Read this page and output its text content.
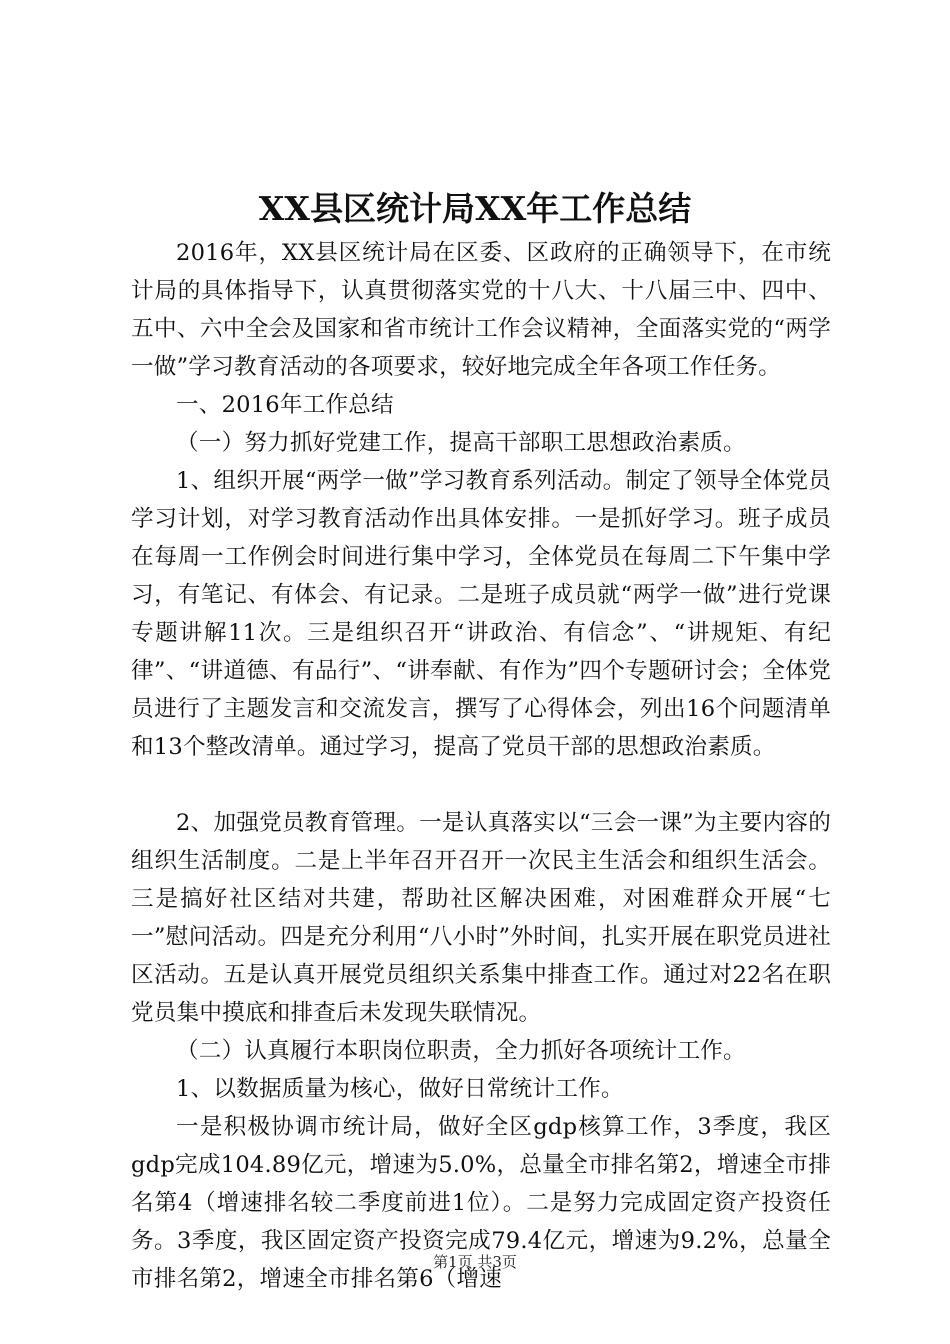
XX县区统计局XX年工作总结

2016年，XX县区统计局在区委、区政府的正确领导下，在市统计局的具体指导下，认真贯彻落实党的十八大、十八届三中、四中、五中、六中全会及国家和省市统计工作会议精神，全面落实党的“两学一做”学习教育活动的各项要求，较好地完成全年各项工作任务。

一、2016年工作总结

（一）努力抓好党建工作，提高干部职工思想政治素质。

1、组织开展“两学一做”学习教育系列活动。制定了领导全体党员学习计划，对学习教育活动作出具体安排。一是抓好学习。班子成员在每周一工作例会时间进行集中学习，全体党员在每周二下午集中学习，有笔记、有体会、有记录。二是班子成员就“两学一做”进行党课专题讲解11次。三是组织召开“讲政治、有信念”、“讲规矩、有纪律”、“讲道德、有品行”、“讲奉献、有作为”四个专题研讨会；全体党员进行了主题发言和交流发言，撰写了心得体会，列出16个问题清单和13个整改清单。通过学习，提高了党员干部的思想政治素质。

2、加强党员教育管理。一是认真落实以“三会一课”为主要内容的组织生活制度。二是上半年召开召开一次民主生活会和组织生活会。三是搞好社区结对共建，帮助社区解决困难，对困难群众开展“七一”慰问活动。四是充分利用“八小时”外时间，扎实开展在职党员进社区活动。五是认真开展党员组织关系集中排查工作。通过对22名在职党员集中摸底和排查后未发现失联情况。

（二）认真履行本职岗位职责，全力抓好各项统计工作。

1、以数据质量为核心，做好日常统计工作。

一是积极协调市统计局，做好全区gdp核算工作，3季度，我区gdp完成104.89亿元，增速为5.0%，总量全市排名第2，增速全市排名第4（增速排名较二季度前进1位）。二是努力完成固定资产投资任务。3季度，我区固定资产投资完成79.4亿元，增速为9.2%，总量全市排名第2，增速全市排名第6（增速

第1页 共3页
